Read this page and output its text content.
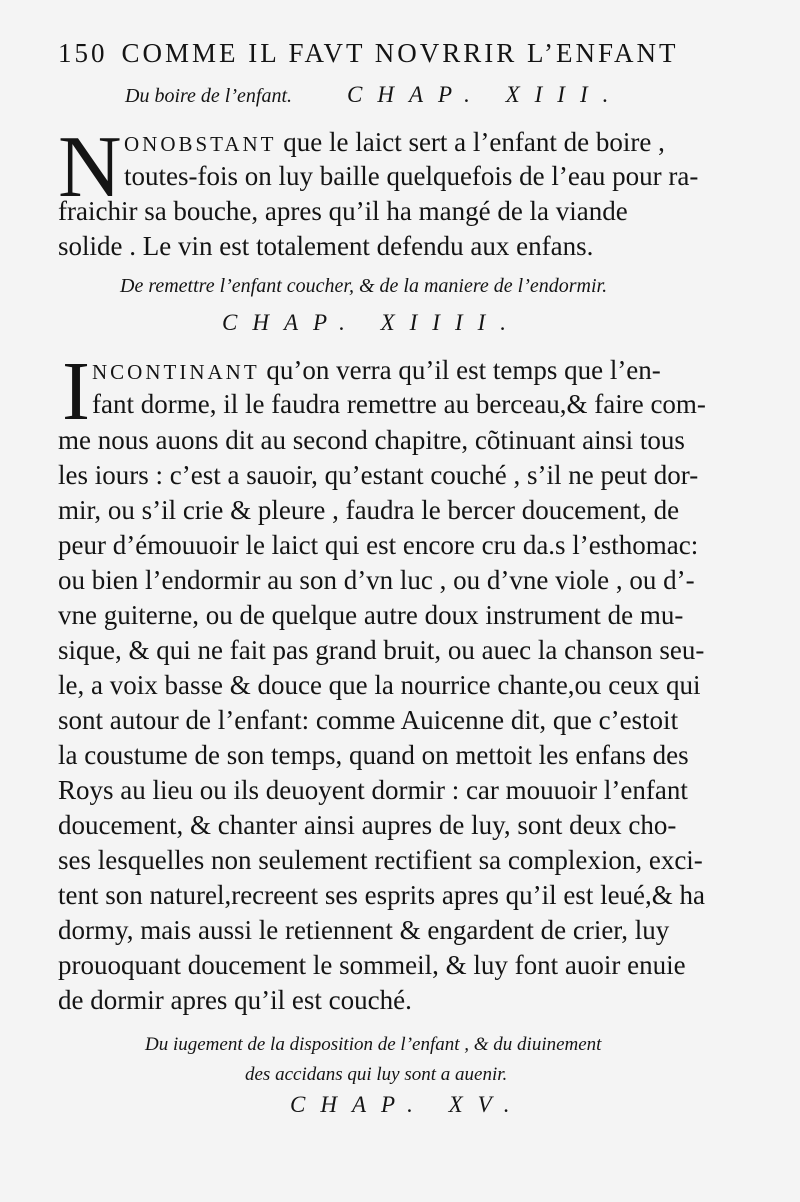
150 COMME IL FAVT NOVRRIR L’ENFANT
Du boire de l’enfant. CHAP. XIII.
N ONOBSTANT que le laict sert a l’enfant de boire ,
toutes-fois on luy baille quelquefois de l’eau pour ra-
fraichir sa bouche, apres qu’il ha mangé de la viande
solide . Le vin est totalement defendu aux enfans.
De remettre l’enfant coucher, & de la maniere de l’endormir.
CHAP. XIIII.
I NCONTINANT qu’on verra qu’il est temps que l’en-
fant dorme, il le faudra remettre au berceau,& faire com-
me nous auons dit au second chapitre, cõtinuant ainsi tous
les iours : c’est a sauoir, qu’estant couché , s’il ne peut dor-
mir, ou s’il crie & pleure , faudra le bercer doucement, de
peur d’émouuoir le laict qui est encore cru da.s l’esthomac:
ou bien l’endormir au son d’vn luc , ou d’vne viole , ou d’-
vne guiterne, ou de quelque autre doux instrument de mu-
sique, & qui ne fait pas grand bruit, ou auec la chanson seu-
le, a voix basse & douce que la nourrice chante,ou ceux qui
sont autour de l’enfant: comme Auicenne dit, que c’estoit
la coustume de son temps, quand on mettoit les enfans des
Roys au lieu ou ils deuoyent dormir : car mouuoir l’enfant
doucement, & chanter ainsi aupres de luy, sont deux cho-
ses lesquelles non seulement rectifient sa complexion, exci-
tent son naturel,recreent ses esprits apres qu’il est leué,& ha
dormy, mais aussi le retiennent & engardent de crier, luy
prouoquant doucement le sommeil, & luy font auoir enuie
de dormir apres qu’il est couché.
Du iugement de la disposition de l’enfant , & du diuinement
des accidans qui luy sont a auenir.
CHAP. XV.
